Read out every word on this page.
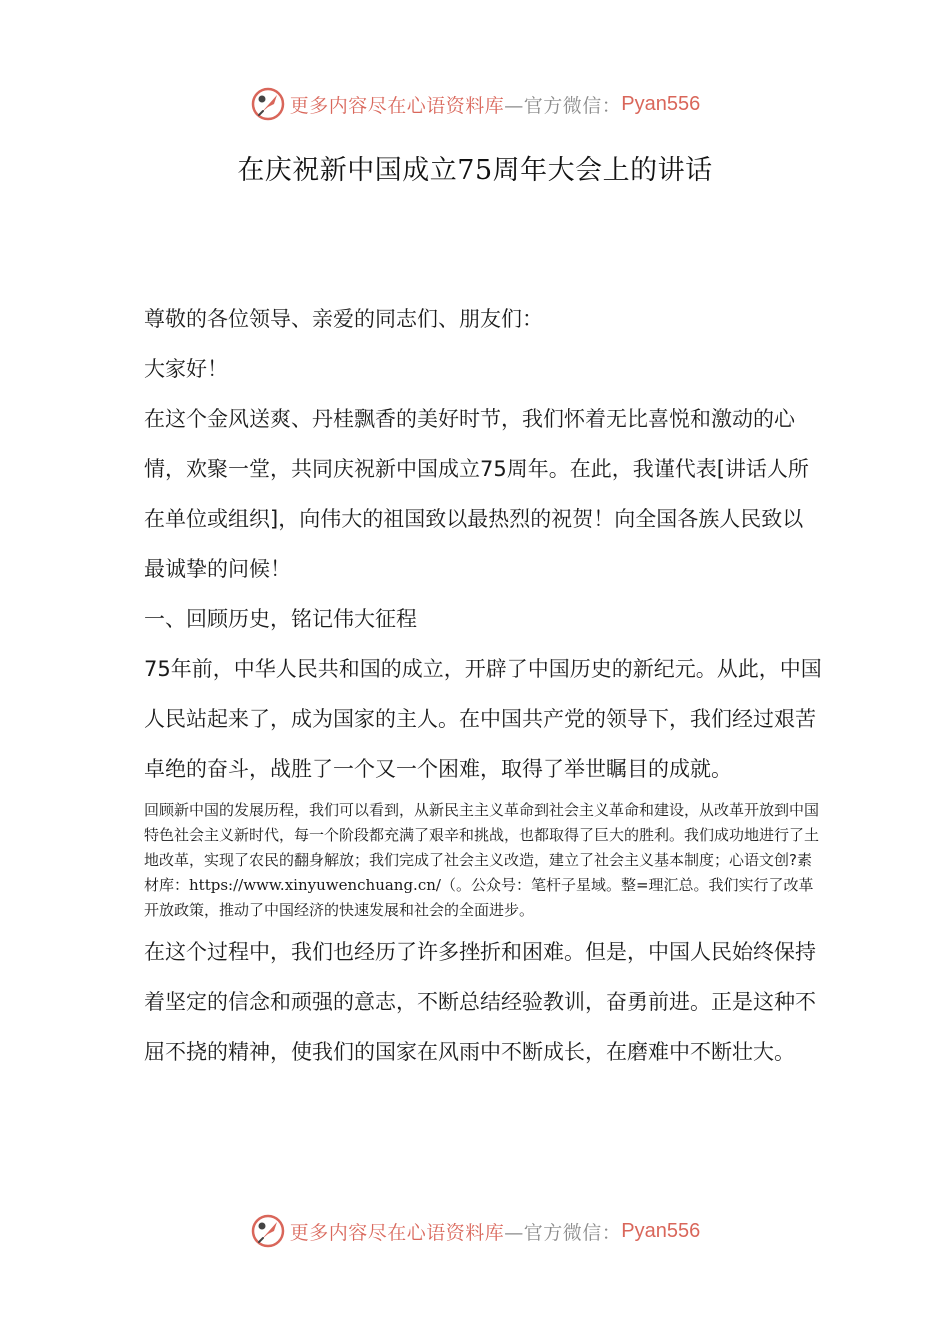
更多内容尽在心语资料库 —官方微信： Pyan556
在庆祝新中国成立75周年大会上的讲话

尊敬的各位领导、亲爱的同志们、朋友们：

大家好！

在这个金风送爽、丹桂飘香的美好时节，我们怀着无比喜悦和激动的心情，欢聚一堂，共同庆祝新中国成立75周年。在此，我谨代表[讲话人所在单位或组织]，向伟大的祖国致以最热烈的祝贺！向全国各族人民致以最诚挚的问候！

一、回顾历史，铭记伟大征程

75年前，中华人民共和国的成立，开辟了中国历史的新纪元。从此，中国人民站起来了，成为国家的主人。在中国共产党的领导下，我们经过艰苦卓绝的奋斗，战胜了一个又一个困难，取得了举世瞩目的成就。

回顾新中国的发展历程，我们可以看到，从新民主主义革命到社会主义革命和建设，从改革开放到中国特色社会主义新时代，每一个阶段都充满了艰辛和挑战，也都取得了巨大的胜利。我们成功地进行了土地改革，实现了农民的翻身解放；我们完成了社会主义改造，建立了社会主义基本制度；心语文创?素材库：https://www.xinyuwenchuang.cn/（。公众号：笔杆子星域。整=理汇总。我们实行了改革开放政策，推动了中国经济的快速发展和社会的全面进步。

在这个过程中，我们也经历了许多挫折和困难。但是，中国人民始终保持着坚定的信念和顽强的意志，不断总结经验教训，奋勇前进。正是这种不屈不挠的精神，使我们的国家在风雨中不断成长，在磨难中不断壮大。

更多内容尽在心语资料库 —官方微信： Pyan556
